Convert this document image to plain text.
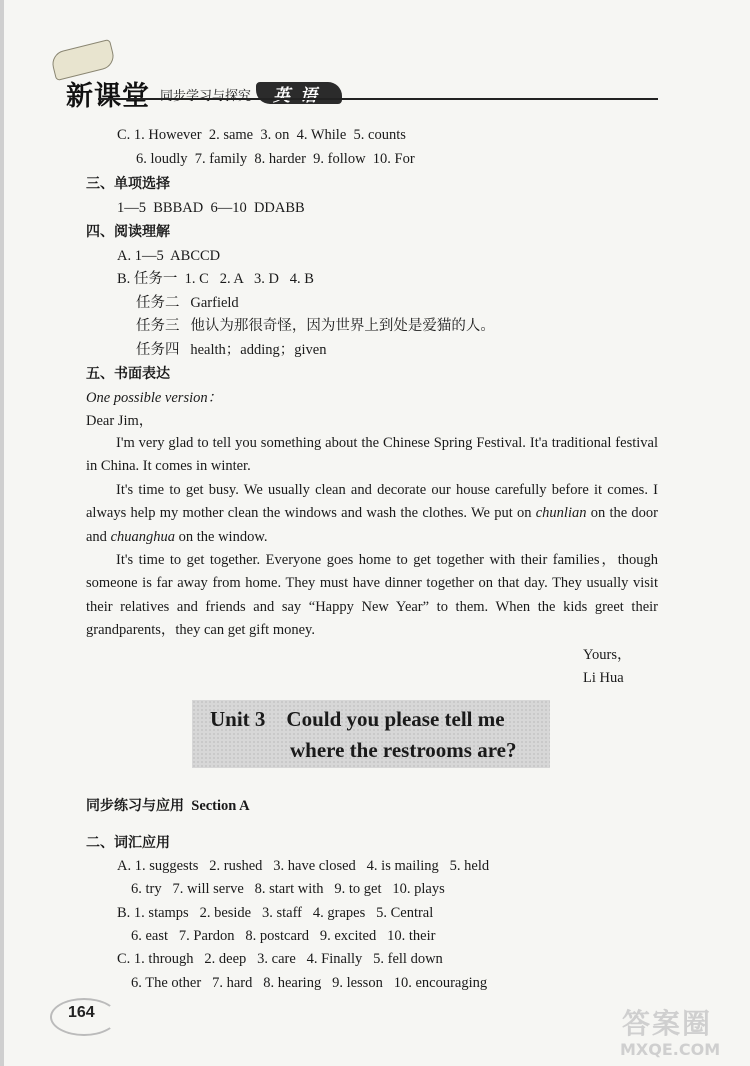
新课堂 同步学习与探究	英语
C. 1. However  2. same  3. on  4. While  5. counts
6. loudly  7. family  8. harder  9. follow  10. For
三、单项选择
1—5  BBBAD  6—10  DDABB
四、阅读理解
A. 1—5  ABCCD
B. 任务一  1. C   2. A   3. D   4. B
任务二   Garfield
任务三   他认为那很奇怪，因为世界上到处是爱猫的人。
任务四   health；adding；given
五、书面表达
One possible version：
Dear Jim，
I'm very glad to tell you something about the Chinese Spring Festival. It'a traditional festival in China. It comes in winter.
It's time to get busy. We usually clean and decorate our house carefully before it comes. I always help my mother clean the windows and wash the clothes. We put on chunlian on the door and chuanghua on the window.
It's time to get together. Everyone goes home to get together with their families，though someone is far away from home. They must have dinner together on that day. They usually visit their relatives and friends and say “Happy New Year” to them. When the kids greet their grandparents，they can get gift money.
Yours，
Li Hua
Unit 3    Could you please tell me
where the restrooms are?
同步练习与应用 Section A
二、词汇应用
A. 1. suggests   2. rushed   3. have closed   4. is mailing   5. held
6. try   7. will serve   8. start with   9. to get   10. plays
B. 1. stamps   2. beside   3. staff   4. grapes   5. Central
6. east   7. Pardon   8. postcard   9. excited   10. their
C. 1. through   2. deep   3. care   4. Finally   5. fell down
6. The other   7. hard   8. hearing   9. lesson   10. encouraging
164	答案圈
MXQE.COM
